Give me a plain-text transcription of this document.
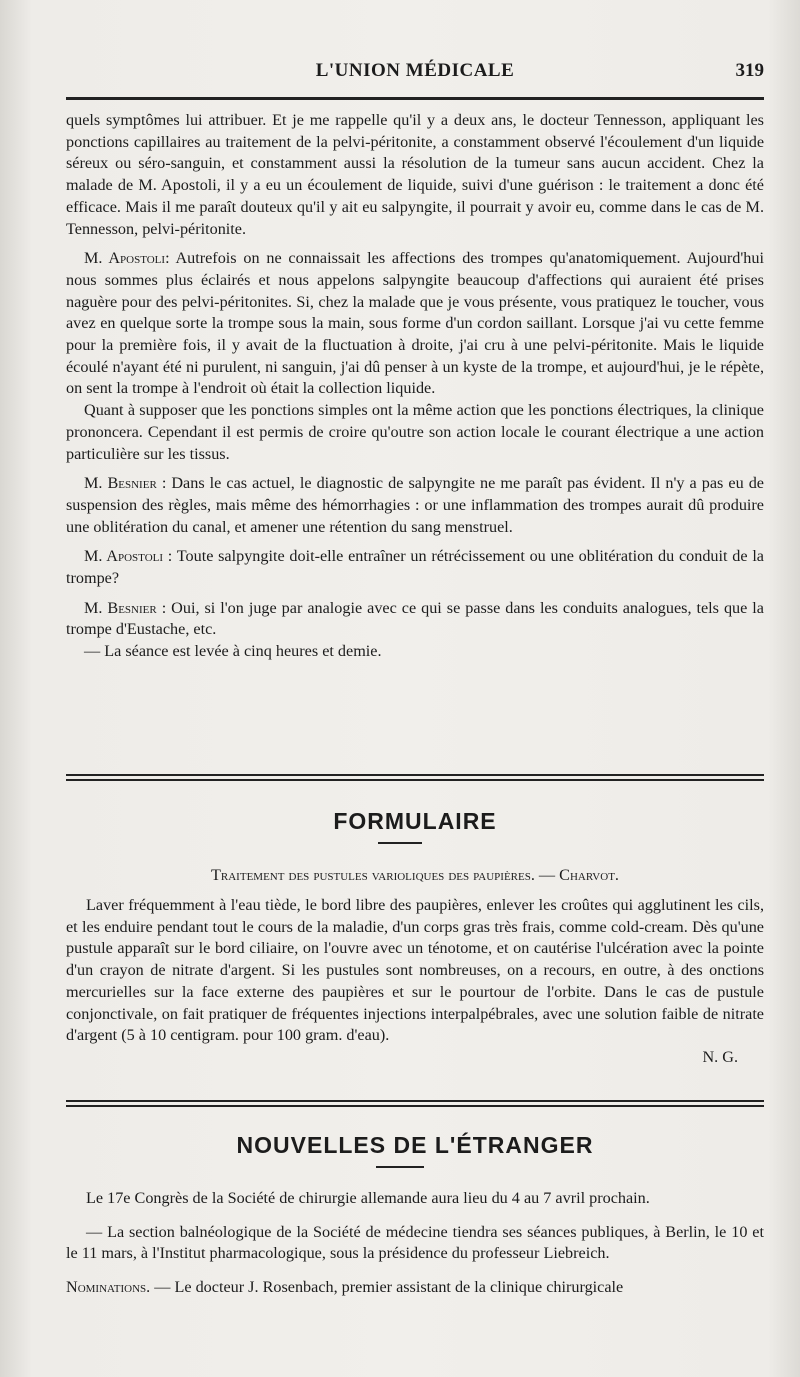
L'UNION MÉDICALE	319

quels symptômes lui attribuer. Et je me rappelle qu'il y a deux ans, le docteur Tennesson, appliquant les ponctions capillaires au traitement de la pelvi-péritonite, a constamment observé l'écoulement d'un liquide séreux ou séro-sanguin, et constamment aussi la résolution de la tumeur sans aucun accident. Chez la malade de M. Apostoli, il y a eu un écoulement de liquide, suivi d'une guérison : le traitement a donc été efficace. Mais il me paraît douteux qu'il y ait eu salpyngite, il pourrait y avoir eu, comme dans le cas de M. Tennesson, pelvi-péritonite.

M. Apostoli: Autrefois on ne connaissait les affections des trompes qu'anatomiquement. Aujourd'hui nous sommes plus éclairés et nous appelons salpyngite beaucoup d'affections qui auraient été prises naguère pour des pelvi-péritonites. Si, chez la malade que je vous présente, vous pratiquez le toucher, vous avez en quelque sorte la trompe sous la main, sous forme d'un cordon saillant. Lorsque j'ai vu cette femme pour la première fois, il y avait de la fluctuation à droite, j'ai cru à une pelvi-péritonite. Mais le liquide écoulé n'ayant été ni purulent, ni sanguin, j'ai dû penser à un kyste de la trompe, et aujourd'hui, je le répète, on sent la trompe à l'endroit où était la collection liquide.

Quant à supposer que les ponctions simples ont la même action que les ponctions électriques, la clinique prononcera. Cependant il est permis de croire qu'outre son action locale le courant électrique a une action particulière sur les tissus.

M. Besnier : Dans le cas actuel, le diagnostic de salpyngite ne me paraît pas évident. Il n'y a pas eu de suspension des règles, mais même des hémorrhagies : or une inflammation des trompes aurait dû produire une oblitération du canal, et amener une rétention du sang menstruel.

M. Apostoli : Toute salpyngite doit-elle entraîner un rétrécissement ou une oblitération du conduit de la trompe?

M. Besnier : Oui, si l'on juge par analogie avec ce qui se passe dans les conduits analogues, tels que la trompe d'Eustache, etc.

— La séance est levée à cinq heures et demie.

FORMULAIRE
Traitement des pustules varioliques des paupières. — Charvot.

Laver fréquemment à l'eau tiède, le bord libre des paupières, enlever les croûtes qui agglutinent les cils, et les enduire pendant tout le cours de la maladie, d'un corps gras très frais, comme cold-cream. Dès qu'une pustule apparaît sur le bord ciliaire, on l'ouvre avec un ténotome, et on cautérise l'ulcération avec la pointe d'un crayon de nitrate d'argent. Si les pustules sont nombreuses, on a recours, en outre, à des onctions mercurielles sur la face externe des paupières et sur le pourtour de l'orbite. Dans le cas de pustule conjonctivale, on fait pratiquer de fréquentes injections interpalpébrales, avec une solution faible de nitrate d'argent (5 à 10 centigram. pour 100 gram. d'eau).

N. G.

NOUVELLES DE L'ÉTRANGER

Le 17e Congrès de la Société de chirurgie allemande aura lieu du 4 au 7 avril prochain.

— La section balnéologique de la Société de médecine tiendra ses séances publiques, à Berlin, le 10 et le 11 mars, à l'Institut pharmacologique, sous la présidence du professeur Liebreich.

Nominations. — Le docteur J. Rosenbach, premier assistant de la clinique chirurgicale
